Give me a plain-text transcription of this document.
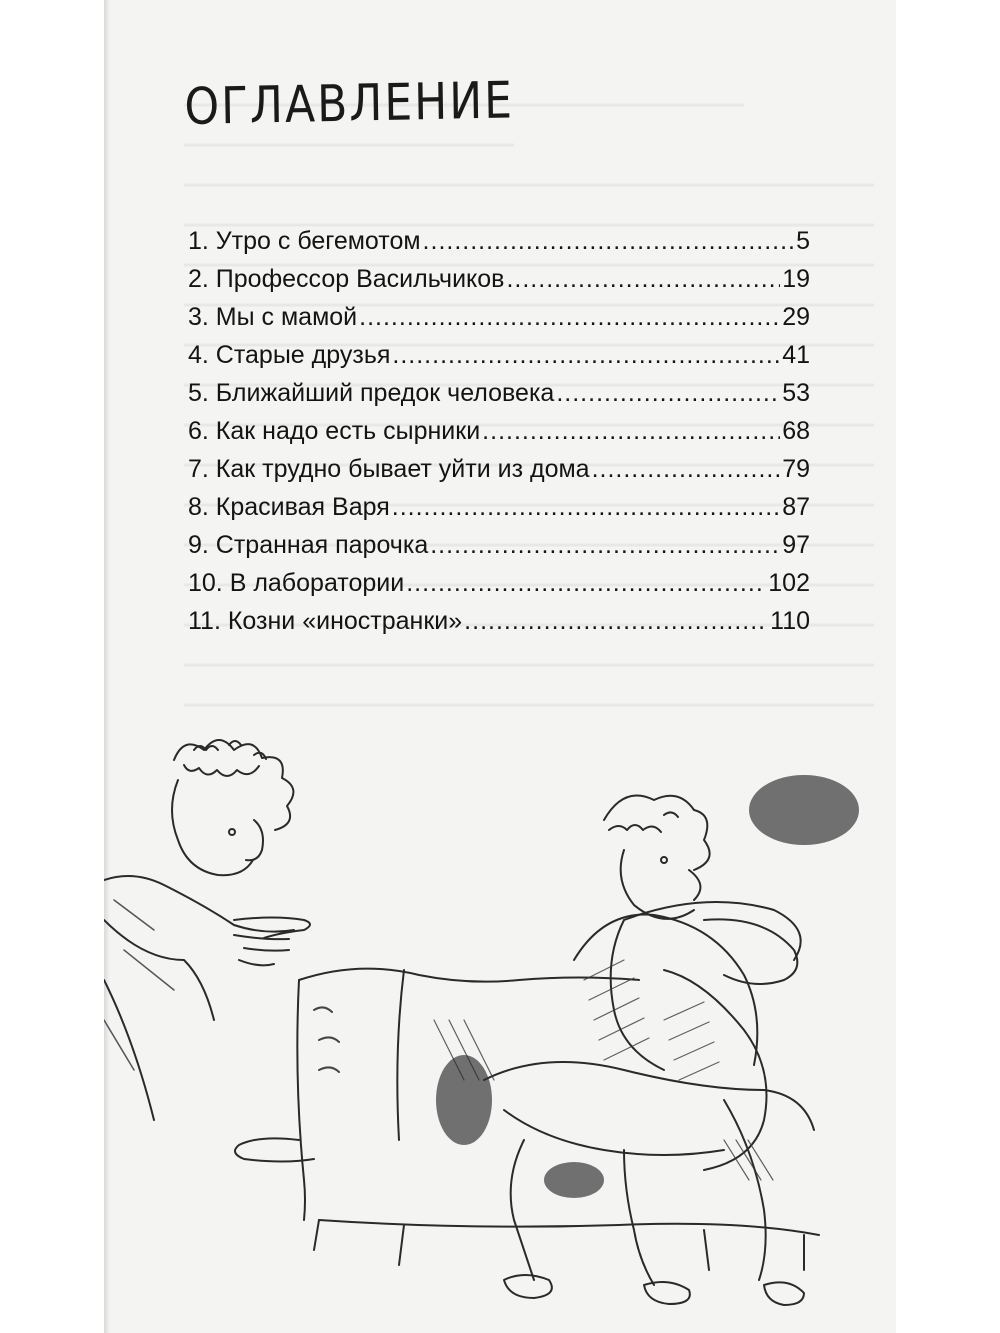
ОГЛАВЛЕНИЕ
1. Утро с бегемотом .....	5
2. Профессор Васильчиков .....	19
3. Мы с мамой .....	29
4. Старые друзья .....	41
5. Ближайший предок человека .....	53
6. Как надо есть сырники .....	68
7. Как трудно бывает уйти из дома .....	79
8. Красивая Варя .....	87
9. Странная парочка .....	97
10. В лаборатории .....	102
11. Козни «иностранки» .....	110
